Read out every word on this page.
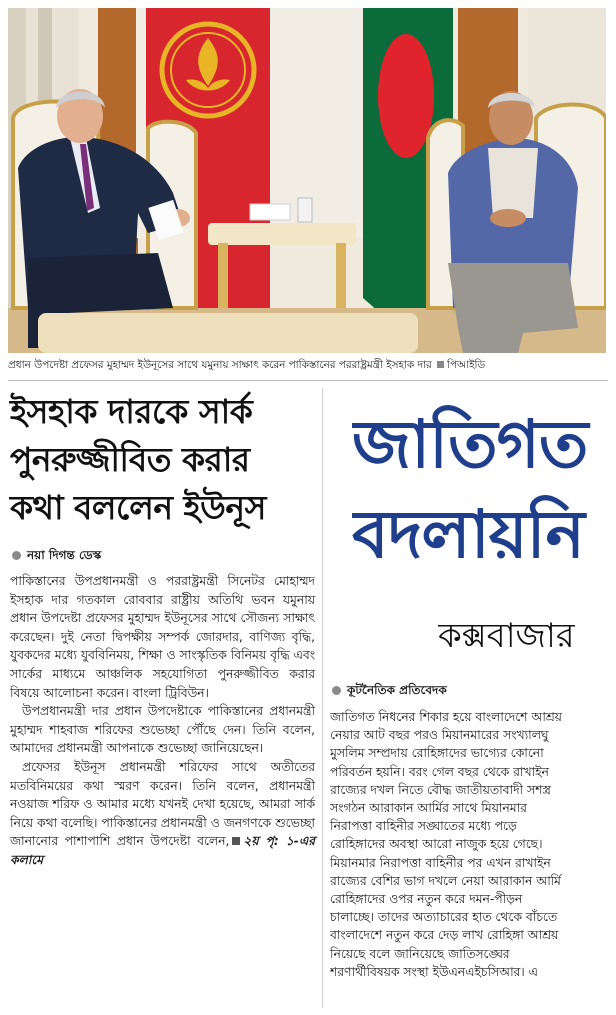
প্রধান উপদেষ্টা প্রফেসর মুহাম্মদ ইউনূসের সাথে যমুনায় সাক্ষাৎ করেন পাকিস্তানের পররাষ্ট্রমন্ত্রী ইসহাক দার পিআইডি
ইসহাক দারকে সার্ক
পুনরুজ্জীবিত করার
কথা বললেন ইউনূস
নয়া দিগন্ত ডেস্ক

পাকিস্তানের উপপ্রধানমন্ত্রী ও পররাষ্ট্রমন্ত্রী সিনেটর মোহাম্মদ ইসহাক দার গতকাল রোববার রাষ্ট্রীয় অতিথি ভবন যমুনায় প্রধান উপদেষ্টা প্রফেসর মুহাম্মদ ইউনূসের সাথে সৌজন্য সাক্ষাৎ করেছেন। দুই নেতা দ্বিপক্ষীয় সম্পর্ক জোরদার, বাণিজ্য বৃদ্ধি, যুবকদের মধ্যে যুববিনিময়, শিক্ষা ও সাংস্কৃতিক বিনিময় বৃদ্ধি এবং সার্কের মাধ্যমে আঞ্চলিক সহযোগিতা পুনরুজ্জীবিত করার বিষয়ে আলোচনা করেন। বাংলা ট্রিবিউন।

উপপ্রধানমন্ত্রী দার প্রধান উপদেষ্টাকে পাকিস্তানের প্রধানমন্ত্রী মুহাম্মদ শাহবাজ শরিফের শুভেচ্ছা পৌঁছে দেন। তিনি বলেন, আমাদের প্রধানমন্ত্রী আপনাকে শুভেচ্ছা জানিয়েছেন।

প্রফেসর ইউনূস প্রধানমন্ত্রী শরিফের সাথে অতীতের মতবিনিময়ের কথা স্মরণ করেন। তিনি বলেন, প্রধানমন্ত্রী নওয়াজ শরিফ ও আমার মধ্যে যখনই দেখা হয়েছে, আমরা সার্ক নিয়ে কথা বলেছি। পাকিস্তানের প্রধানমন্ত্রী ও জনগণকে শুভেচ্ছা জানানোর পাশাপাশি প্রধান উপদেষ্টা বলেন, ২য় পৃ: ১-এর কলামে

জাতিগত
বদলায়নি
কক্সবাজার
কূটনৈতিক প্রতিবেদক
জাতিগত নিধনের শিকার হয়ে বাংলাদেশে আশ্রয়
নেয়ার আট বছর পরও মিয়ানমারের সংখ্যালঘু
মুসলিম সম্প্রদায় রোহিঙ্গাদের ভাগ্যের কোনো
পরিবর্তন হয়নি। বরং গেল বছর থেকে রাখাইন
রাজ্যের দখল নিতে বৌদ্ধ জাতীয়তাবাদী সশস্ত্র
সংগঠন আরাকান আর্মির সাথে মিয়ানমার
নিরাপত্তা বাহিনীর সঙ্ঘাতের মধ্যে পড়ে
রোহিঙ্গাদের অবস্থা আরো নাজুক হয়ে গেছে।
মিয়ানমার নিরাপত্তা বাহিনীর পর এখন রাখাইন
রাজ্যের বেশির ভাগ দখলে নেয়া আরাকান আর্মি
রোহিঙ্গাদের ওপর নতুন করে দমন-পীড়ন
চালাচ্ছে। তাদের অত্যাচারের হাত থেকে বাঁচতে
বাংলাদেশে নতুন করে দেড় লাখ রোহিঙ্গা আশ্রয়
নিয়েছে বলে জানিয়েছে জাতিসঙ্ঘের
শরণার্থীবিষয়ক সংস্থা ইউএনএইচসিআর। এ
